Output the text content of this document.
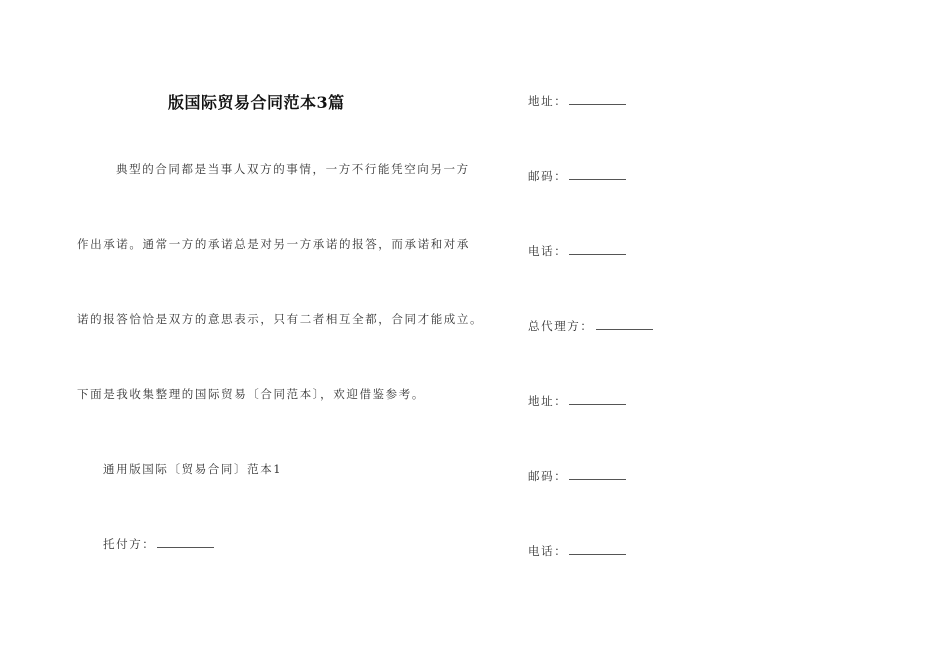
版国际贸易合同范本3篇
典型的合同都是当事人双方的事情，一方不行能凭空向另一方
作出承诺。通常一方的承诺总是对另一方承诺的报答，而承诺和对承
诺的报答恰恰是双方的意思表示，只有二者相互全都，合同才能成立。
下面是我收集整理的国际贸易〔合同范本〕，欢迎借鉴参考。
通用版国际〔贸易合同〕范本1
托付方：
地址：
邮码：
电话：
总代理方：
地址：
邮码：
电话：
